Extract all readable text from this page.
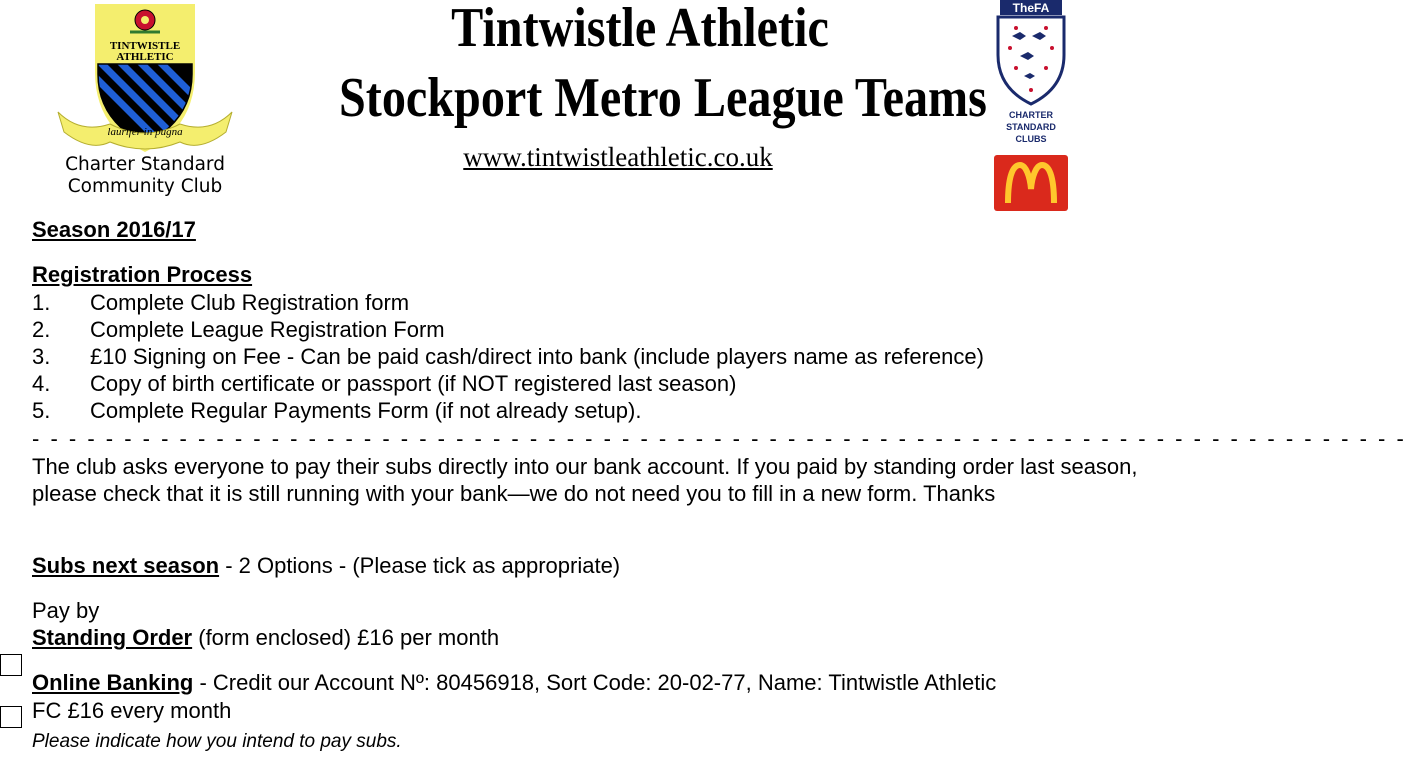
TINTWISTLE
ATHLETIC
laurifer in pugna
Charter Standard
Community Club
Tintwistle Athletic
Stockport Metro League Teams
www.tintwistleathletic.co.uk
TheFA
CHARTER
STANDARD
CLUBS
Season 2016/17
Registration Process
1. Complete Club Registration form
2. Complete League Registration Form
3. £10 Signing on Fee - Can be paid cash/direct into bank (include players name as reference)
4. Copy of birth certificate or passport (if NOT registered last season)
5. Complete Regular Payments Form (if not already setup).
- - - - - - - - - - - - - - - - - - - - - - - - - - - - - - - - - - - - - - - - - - - - - - - - - - - - - - - - - - - - - - - - - - - - - - - - - - -
The club asks everyone to pay their subs directly into our bank account. If you paid by standing order last season, please check that it is still running with your bank—we do not need you to fill in a new form. Thanks
Subs next season - 2 Options - (Please tick as appropriate)
Pay by
Standing Order (form enclosed) £16 per month
Online Banking - Credit our Account Nº: 80456918, Sort Code: 20-02-77, Name: Tintwistle Athletic
FC £16 every month
Please indicate how you intend to pay subs.
